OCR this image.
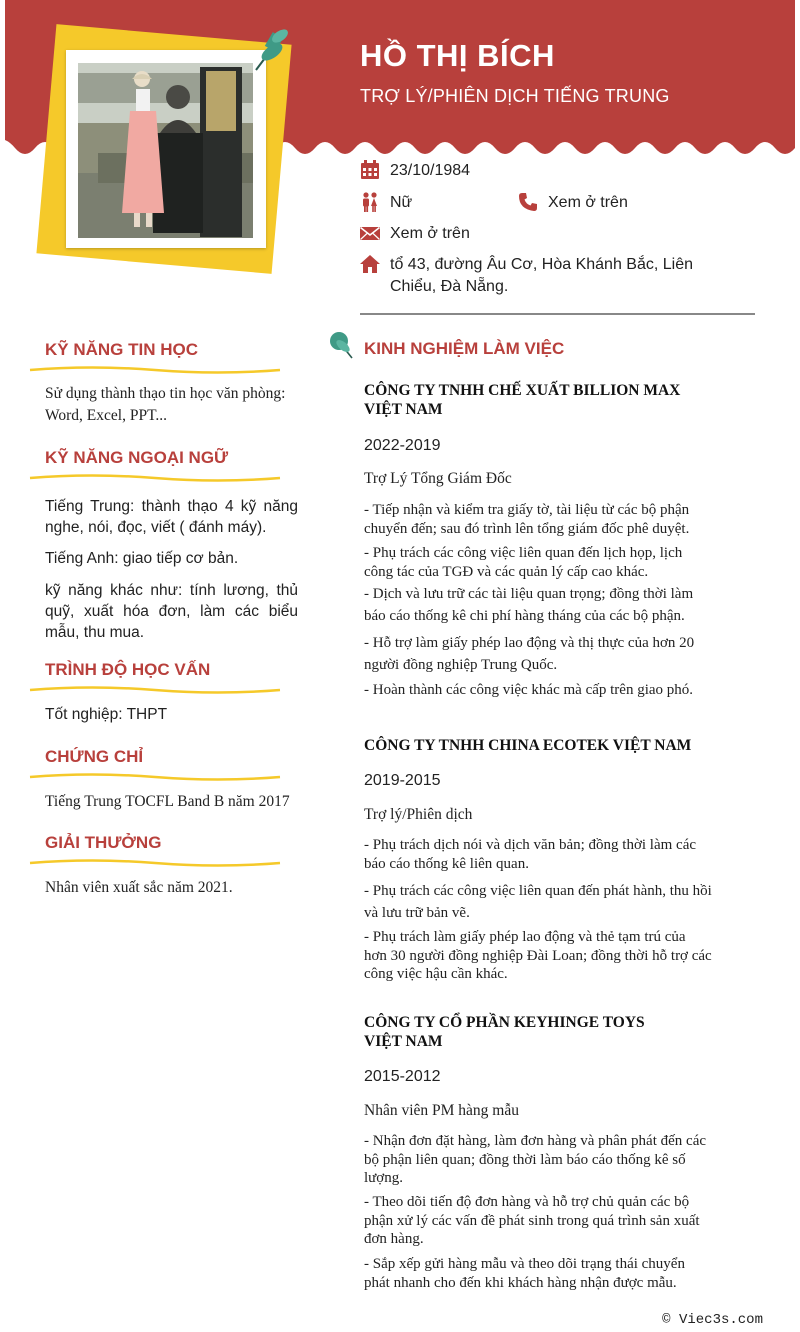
HỒ THỊ BÍCH
TRỢ LÝ/PHIÊN DỊCH TIẾNG TRUNG
23/10/1984
Nữ	Xem ở trên
Xem ở trên
tổ 43, đường Âu Cơ, Hòa Khánh Bắc, Liên
Chiểu, Đà Nẵng.
KỸ NĂNG TIN HỌC
Sử dụng thành thạo tin học văn phòng:
Word, Excel, PPT...
KỸ NĂNG NGOẠI NGỮ
Tiếng Trung: thành thạo 4 kỹ năng
nghe, nói, đọc, viết ( đánh máy).
Tiếng Anh: giao tiếp cơ bản.
kỹ năng khác như: tính lương, thủ
quỹ, xuất hóa đơn, làm các biểu
mẫu, thu mua.
TRÌNH ĐỘ HỌC VẤN
Tốt nghiệp: THPT
CHỨNG CHỈ
Tiếng Trung TOCFL Band B năm 2017
GIẢI THƯỞNG
Nhân viên xuất sắc năm 2021.
KINH NGHIỆM LÀM VIỆC
CÔNG TY TNHH CHẾ XUẤT BILLION MAX
VIỆT NAM
2022-2019
Trợ Lý Tổng Giám Đốc
- Tiếp nhận và kiểm tra giấy tờ, tài liệu từ các bộ phận
chuyển đến; sau đó trình lên tổng giám đốc phê duyệt.
- Phụ trách các công việc liên quan đến lịch họp, lịch
công tác của TGĐ và các quản lý cấp cao khác.
- Dịch và lưu trữ các tài liệu quan trọng; đồng thời làm
báo cáo thống kê chi phí hàng tháng của các bộ phận.
- Hỗ trợ làm giấy phép lao động và thị thực của hơn 20
người đồng nghiệp Trung Quốc.
- Hoàn thành các công việc khác mà cấp trên giao phó.
CÔNG TY TNHH CHINA ECOTEK VIỆT NAM
2019-2015
Trợ lý/Phiên dịch
- Phụ trách dịch nói và dịch văn bản; đồng thời làm các
báo cáo thống kê liên quan.
- Phụ trách các công việc liên quan đến phát hành, thu hồi
và lưu trữ bản vẽ.
- Phụ trách làm giấy phép lao động và thẻ tạm trú của
hơn 30 người đồng nghiệp Đài Loan; đồng thời hỗ trợ các
công việc hậu cần khác.
CÔNG TY CỔ PHẦN KEYHINGE TOYS
VIỆT NAM
2015-2012
Nhân viên PM hàng mẫu
- Nhận đơn đặt hàng, làm đơn hàng và phân phát đến các
bộ phận liên quan; đồng thời làm báo cáo thống kê số
lượng.
- Theo dõi tiến độ đơn hàng và hỗ trợ chủ quản các bộ
phận xử lý các vấn đề phát sinh trong quá trình sản xuất
đơn hàng.
- Sắp xếp gửi hàng mẫu và theo dõi trạng thái chuyển
phát nhanh cho đến khi khách hàng nhận được mẫu.
© Viec3s.com
